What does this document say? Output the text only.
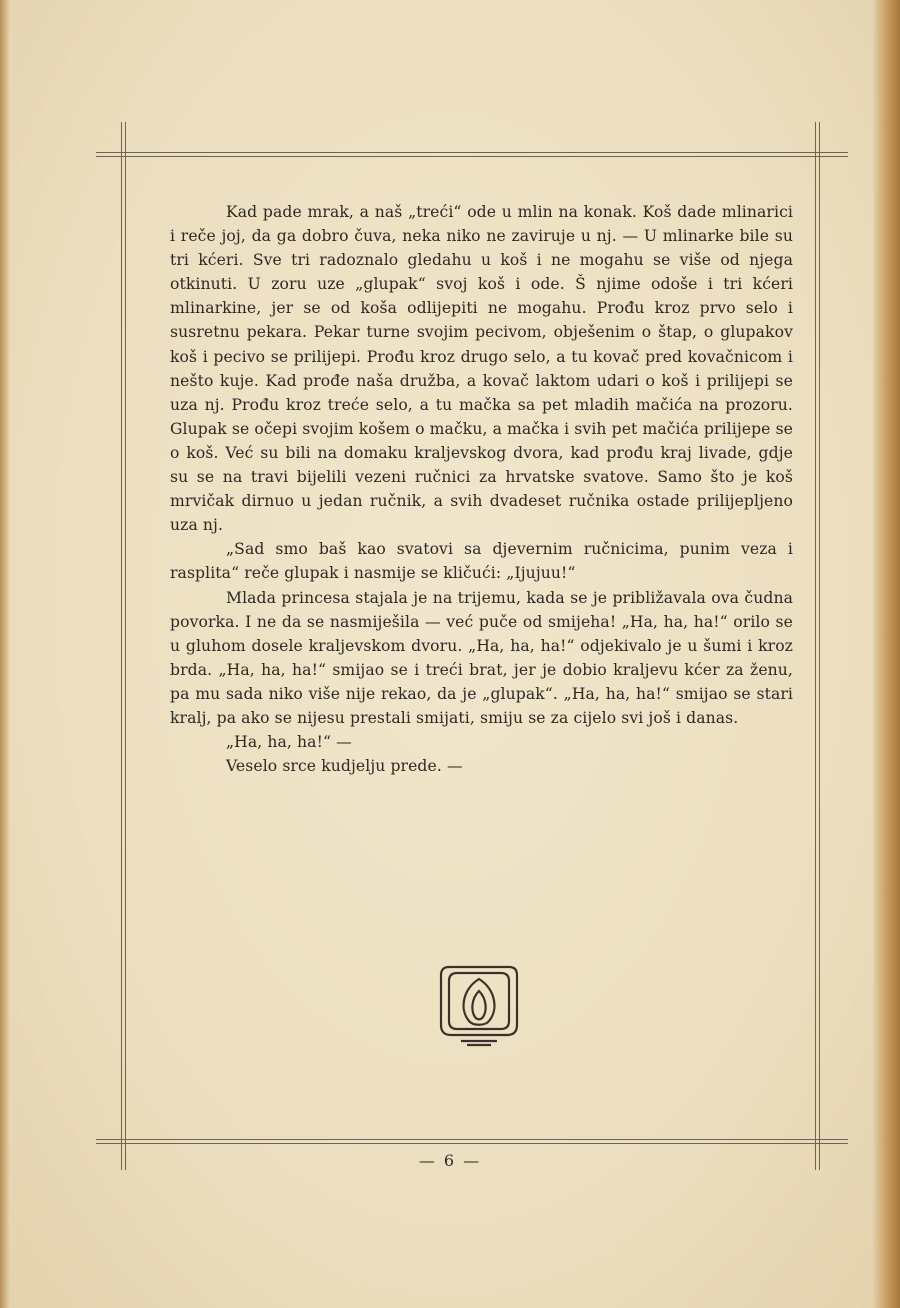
Kad pade mrak, a naš „treći“ ode u mlin na konak. Koš dade mlinarici i reče joj, da ga dobro čuva, neka niko ne zaviruje u nj. — U mlinarke bile su tri kćeri. Sve tri radoznalo gledahu u koš i ne mogahu se više od njega otkinuti. U zoru uze „glupak“ svoj koš i ode. Š njime odoše i tri kćeri mlinarkine, jer se od koša odlijepiti ne mogahu. Prođu kroz prvo selo i susretnu pekara. Pekar turne svojim pecivom, obješenim o štap, o glupakov koš i pecivo se prilijepi. Prođu kroz drugo selo, a tu kovač pred kovačnicom i nešto kuje. Kad prođe naša družba, a kovač laktom udari o koš i prilijepi se uza nj. Prođu kroz treće selo, a tu mačka sa pet mladih mačića na prozoru. Glupak se očepi svojim košem o mačku, a mačka i svih pet mačića prilijepe se o koš. Već su bili na domaku kraljevskog dvora, kad prođu kraj livade, gdje su se na travi bijelili vezeni ručnici za hrvatske svatove. Samo što je koš mrvičak dirnuo u jedan ručnik, a svih dvadeset ručnika ostade prilijepljeno uza nj.

„Sad smo baš kao svatovi sa djevernim ručnicima, punim veza i rasplita“ reče glupak i nasmije se kličući: „Ijujuu!“

Mlada princesa stajala je na trijemu, kada se je približavala ova čudna povorka. I ne da se nasmiješila — već puče od smijeha! „Ha, ha, ha!“ orilo se u gluhom dosele kraljevskom dvoru. „Ha, ha, ha!“ odjekivalo je u šumi i kroz brda. „Ha, ha, ha!“ smijao se i treći brat, jer je dobio kraljevu kćer za ženu, pa mu sada niko više nije rekao, da je „glupak“. „Ha, ha, ha!“ smijao se stari kralj, pa ako se nijesu prestali smijati, smiju se za cijelo svi još i danas.

„Ha, ha, ha!“ —

Veselo srce kudjelju prede. —

— 6 —
